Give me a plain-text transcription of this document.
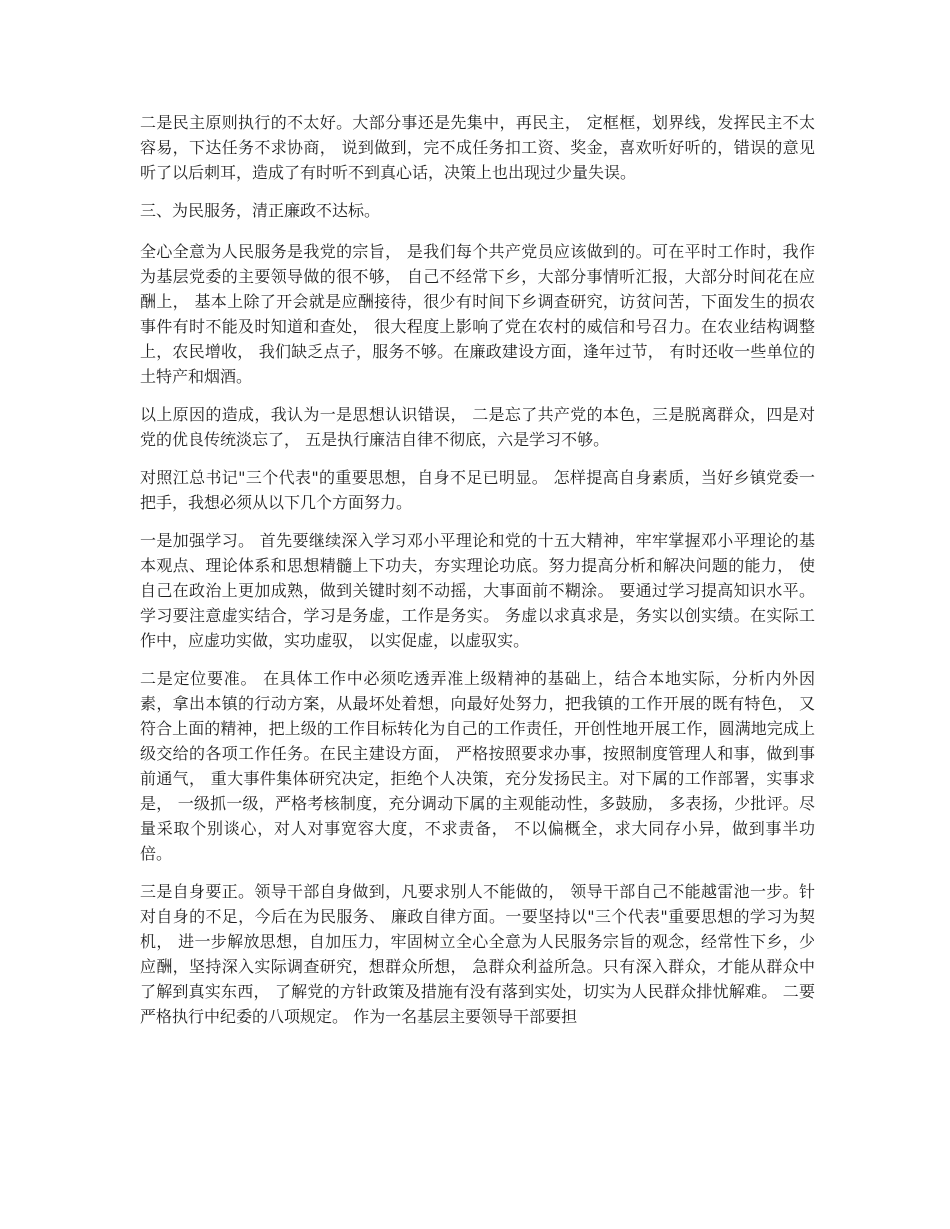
二是民主原则执行的不太好。大部分事还是先集中，再民主， 定框框，划界线，发挥民主不太容易，下达任务不求协商， 说到做到，完不成任务扣工资、奖金，喜欢听好听的，错误的意见听了以后刺耳，造成了有时听不到真心话，决策上也出现过少量失误。

三、为民服务，清正廉政不达标。

全心全意为人民服务是我党的宗旨， 是我们每个共产党员应该做到的。可在平时工作时，我作为基层党委的主要领导做的很不够， 自己不经常下乡，大部分事情听汇报，大部分时间花在应酬上， 基本上除了开会就是应酬接待，很少有时间下乡调查研究，访贫问苦，下面发生的损农事件有时不能及时知道和查处， 很大程度上影响了党在农村的威信和号召力。在农业结构调整上，农民增收， 我们缺乏点子，服务不够。在廉政建设方面，逢年过节， 有时还收一些单位的土特产和烟酒。

以上原因的造成，我认为一是思想认识错误， 二是忘了共产党的本色，三是脱离群众，四是对党的优良传统淡忘了， 五是执行廉洁自律不彻底，六是学习不够。

对照江总书记"三个代表"的重要思想，自身不足已明显。 怎样提高自身素质，当好乡镇党委一把手，我想必须从以下几个方面努力。

一是加强学习。 首先要继续深入学习邓小平理论和党的十五大精神，牢牢掌握邓小平理论的基本观点、理论体系和思想精髓上下功夫，夯实理论功底。努力提高分析和解决问题的能力， 使自己在政治上更加成熟，做到关键时刻不动摇，大事面前不糊涂。 要通过学习提高知识水平。学习要注意虚实结合，学习是务虚，工作是务实。 务虚以求真求是，务实以创实绩。在实际工作中，应虚功实做，实功虚驭， 以实促虚，以虚驭实。

二是定位要准。 在具体工作中必须吃透弄准上级精神的基础上，结合本地实际，分析内外因素，拿出本镇的行动方案，从最坏处着想，向最好处努力，把我镇的工作开展的既有特色， 又符合上面的精神，把上级的工作目标转化为自己的工作责任，开创性地开展工作，圆满地完成上级交给的各项工作任务。在民主建设方面， 严格按照要求办事，按照制度管理人和事，做到事前通气， 重大事件集体研究决定，拒绝个人决策，充分发扬民主。对下属的工作部署，实事求是， 一级抓一级，严格考核制度，充分调动下属的主观能动性，多鼓励， 多表扬，少批评。尽量采取个别谈心，对人对事宽容大度，不求责备， 不以偏概全，求大同存小异，做到事半功倍。

三是自身要正。领导干部自身做到，凡要求别人不能做的， 领导干部自己不能越雷池一步。针对自身的不足，今后在为民服务、 廉政自律方面。一要坚持以"三个代表"重要思想的学习为契机， 进一步解放思想，自加压力，牢固树立全心全意为人民服务宗旨的观念，经常性下乡，少应酬，坚持深入实际调查研究，想群众所想， 急群众利益所急。只有深入群众，才能从群众中了解到真实东西， 了解党的方针政策及措施有没有落到实处，切实为人民群众排忧解难。 二要严格执行中纪委的八项规定。 作为一名基层主要领导干部要担
